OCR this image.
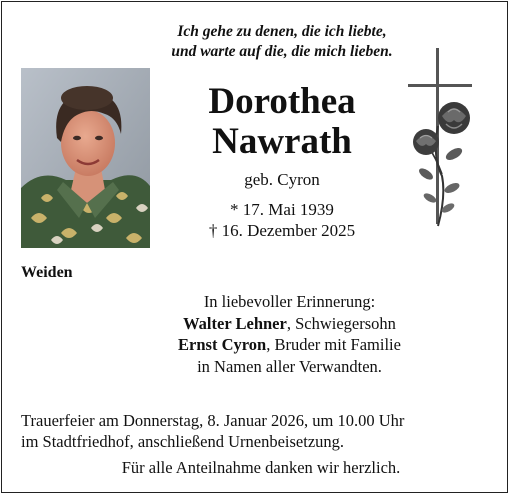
Ich gehe zu denen, die ich liebte,
und warte auf die, die mich lieben.
Dorothea
Nawrath
geb. Cyron
* 17. Mai 1939
† 16. Dezember 2025
Weiden
In liebevoller Erinnerung:
Walter Lehner, Schwiegersohn
Ernst Cyron, Bruder mit Familie
in Namen aller Verwandten.
Trauerfeier am Donnerstag, 8. Januar 2026, um 10.00 Uhr
im Stadtfriedhof, anschließend Urnenbeisetzung.
Für alle Anteilnahme danken wir herzlich.
